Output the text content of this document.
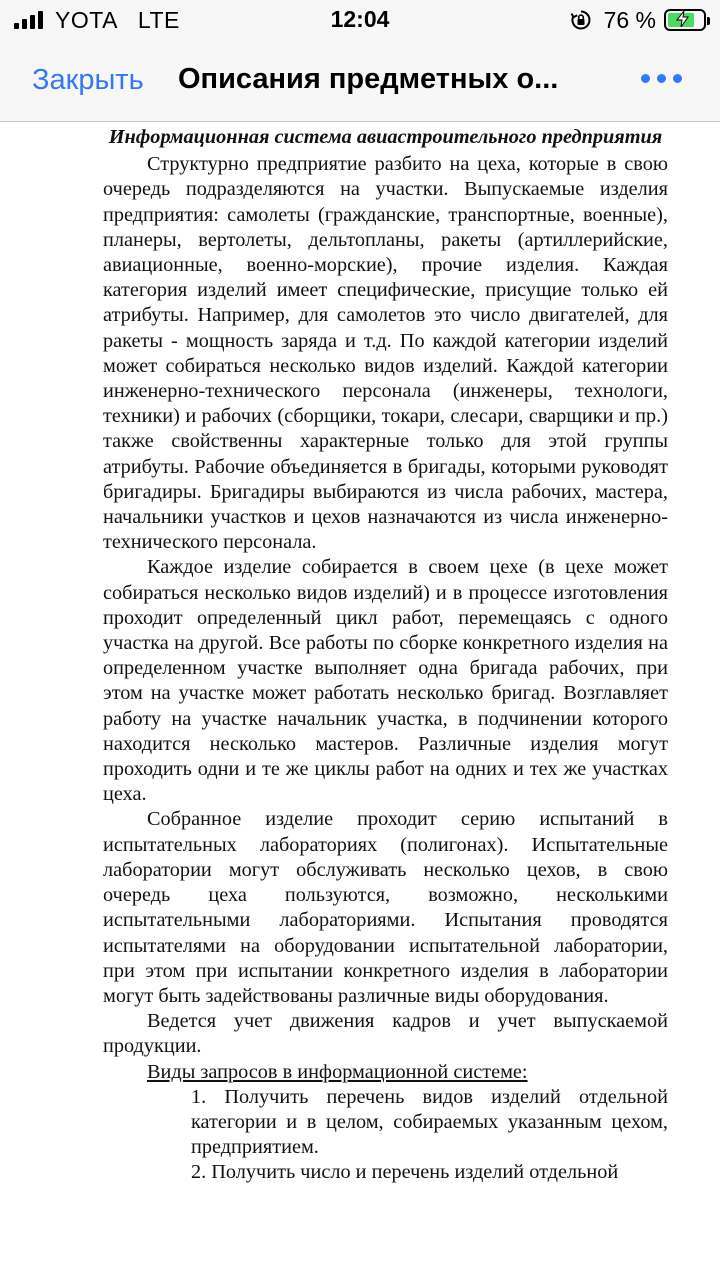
YOTA LTE	12:04	76 %
Закрыть Описания предметных о...
Информационная система авиастроительного предприятия

Структурно предприятие разбито на цеха, которые в свою очередь подразделяются на участки. Выпускаемые изделия предприятия: самолеты (гражданские, транспортные, военные), планеры, вертолеты, дельтопланы, ракеты (артиллерийские, авиационные, военно-морские), прочие изделия. Каждая категория изделий имеет специфические, присущие только ей атрибуты. Например, для самолетов это число двигателей, для ракеты - мощность заряда и т.д. По каждой категории изделий может собираться несколько видов изделий. Каждой категории инженерно-технического персонала (инженеры, технологи, техники) и рабочих (сборщики, токари, слесари, сварщики и пр.) также свойственны характерные только для этой группы атрибуты. Рабочие объединяется в бригады, которыми руководят бригадиры. Бригадиры выбираются из числа рабочих, мастера, начальники участков и цехов назначаются из числа инженерно-технического персонала.

Каждое изделие собирается в своем цехе (в цехе может собираться несколько видов изделий) и в процессе изготовления проходит определенный цикл работ, перемещаясь с одного участка на другой. Все работы по сборке конкретного изделия на определенном участке выполняет одна бригада рабочих, при этом на участке может работать несколько бригад. Возглавляет работу на участке начальник участка, в подчинении которого находится несколько мастеров. Различные изделия могут проходить одни и те же циклы работ на одних и тех же участках цеха.

Собранное изделие проходит серию испытаний в испытательных лабораториях (полигонах). Испытательные лаборатории могут обслуживать несколько цехов, в свою очередь цеха пользуются, возможно, несколькими испытательными лабораториями. Испытания проводятся испытателями на оборудовании испытательной лаборатории, при этом при испытании конкретного изделия в лаборатории могут быть задействованы различные виды оборудования.

Ведется учет движения кадров и учет выпускаемой продукции.

Виды запросов в информационной системе:

1. Получить перечень видов изделий отдельной категории и в целом, собираемых указанным цехом, предприятием.

2. Получить число и перечень изделий отдельной
